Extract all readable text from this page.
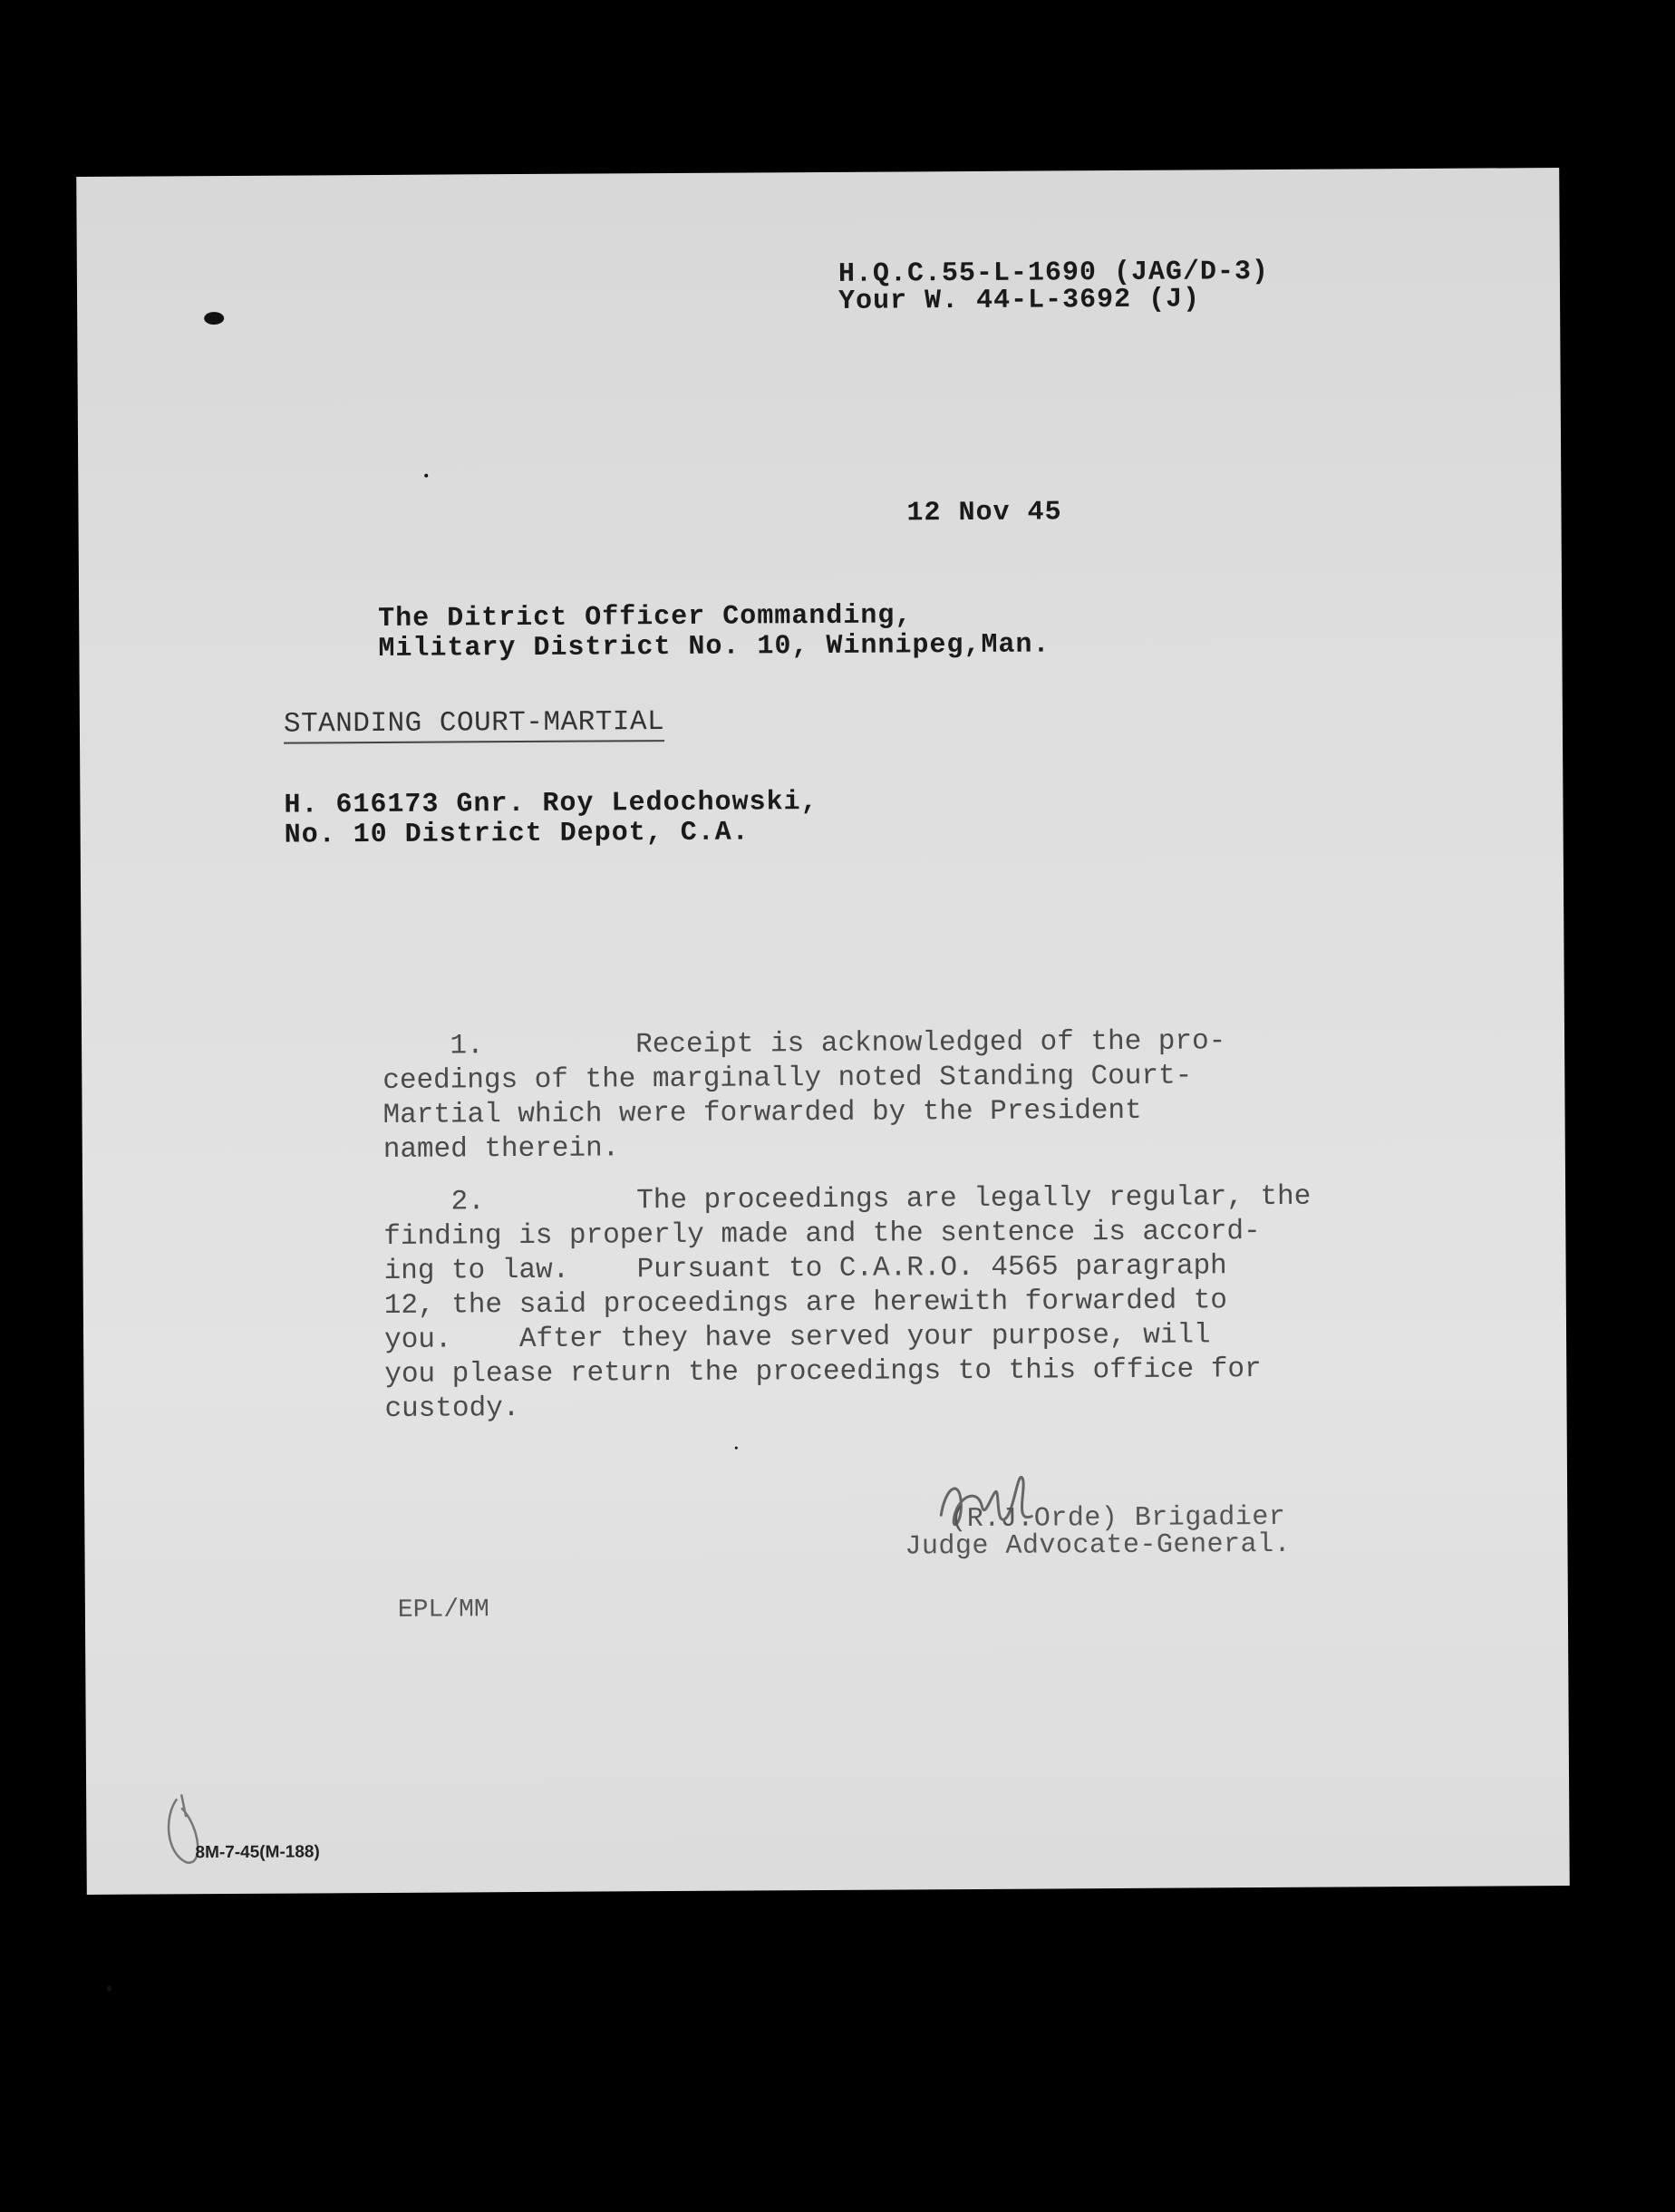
H.Q.C.55-L-1690 (JAG/D-3)
Your W. 44-L-3692 (J)
12 Nov 45
The Ditrict Officer Commanding,
Military District No. 10, Winnipeg,Man.
STANDING COURT-MARTIAL
H. 616173 Gnr. Roy Ledochowski,
No. 10 District Depot, C.A.

1.	Receipt is acknowledged of the pro-
ceedings of the marginally noted Standing Court-
Martial which were forwarded by the President
named therein.

2.	The proceedings are legally regular, the
finding is properly made and the sentence is accord-
ing to law.    Pursuant to C.A.R.O. 4565 paragraph
12, the said proceedings are herewith forwarded to
you.    After they have served your purpose, will
you please return the proceedings to this office for
custody.

(R.J.Orde) Brigadier
Judge Advocate-General.
EPL/MM
8M-7-45(M-188)
